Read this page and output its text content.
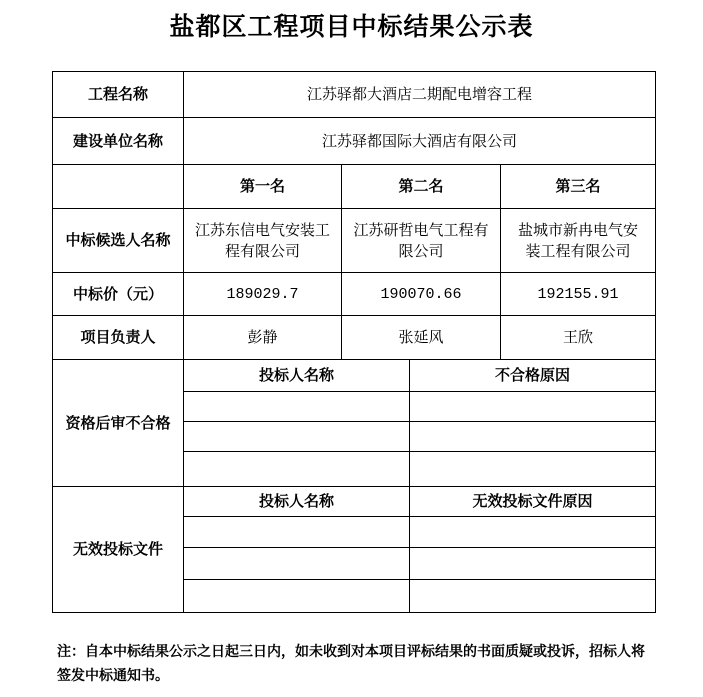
盐都区工程项目中标结果公示表
工程名称	江苏驿都大酒店二期配电增容工程			
建设单位名称	江苏驿都国际大酒店有限公司			
	第一名	第二名		第三名
中标候选人名称	江苏东信电气安装工程有限公司	江苏研哲电气工程有限公司		盐城市新冉电气安装工程有限公司
中标价（元）	189029.7	190070.66		192155.91
项目负责人	彭静	张延风		王欣
资格后审不合格	投标人名称		不合格原因	

无效投标文件	投标人名称		无效投标文件原因	

注：自本中标结果公示之日起三日内，如未收到对本项目评标结果的书面质疑或投诉，招标人将签发中标通知书。
